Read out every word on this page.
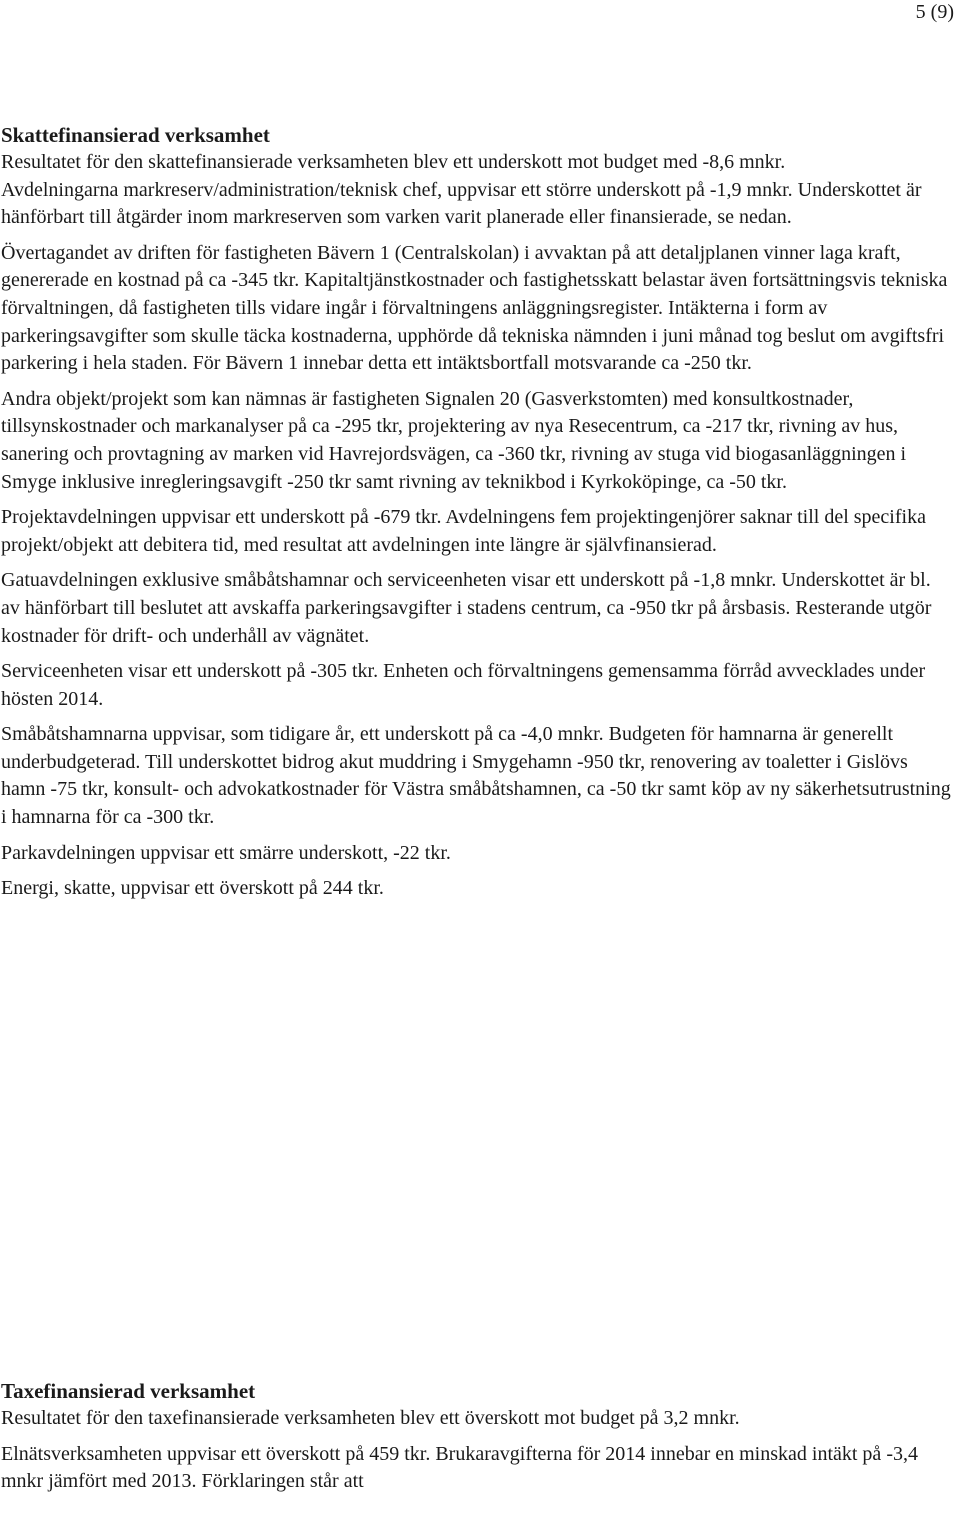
5 (9)
Skattefinansierad verksamhet

Resultatet för den skattefinansierade verksamheten blev ett underskott mot budget med -8,6 mnkr.

Avdelningarna markreserv/administration/teknisk chef, uppvisar ett större underskott på -1,9 mnkr. Underskottet är hänförbart till åtgärder inom markreserven som varken varit planerade eller finansierade, se nedan.

Övertagandet av driften för fastigheten Bävern 1 (Centralskolan) i avvaktan på att detaljplanen vinner laga kraft, genererade en kostnad på ca -345 tkr. Kapitaltjänstkostnader och fastighetsskatt belastar även fortsättningsvis tekniska förvaltningen, då fastigheten tills vidare ingår i förvaltningens anläggningsregister. Intäkterna i form av parkeringsavgifter som skulle täcka kostnaderna, upphörde då tekniska nämnden i juni månad tog beslut om avgiftsfri parkering i hela staden. För Bävern 1 innebar detta ett intäktsbortfall motsvarande ca -250 tkr.

Andra objekt/projekt som kan nämnas är fastigheten Signalen 20 (Gasverkstomten) med konsultkostnader, tillsynskostnader och markanalyser på ca -295 tkr, projektering av nya Resecentrum, ca -217 tkr, rivning av hus, sanering och provtagning av marken vid Havrejordsvägen, ca -360 tkr, rivning av stuga vid biogasanläggningen i Smyge inklusive inregleringsavgift -250 tkr samt rivning av teknikbod i Kyrkoköpinge, ca -50 tkr.

Projektavdelningen uppvisar ett underskott på -679 tkr. Avdelningens fem projektingenjörer saknar till del specifika projekt/objekt att debitera tid, med resultat att avdelningen inte längre är självfinansierad.

Gatuavdelningen exklusive småbåtshamnar och serviceenheten visar ett underskott på -1,8 mnkr. Underskottet är bl. av hänförbart till beslutet att avskaffa parkeringsavgifter i stadens centrum, ca -950 tkr på årsbasis. Resterande utgör kostnader för drift- och underhåll av vägnätet.

Serviceenheten visar ett underskott på -305 tkr. Enheten och förvaltningens gemensamma förråd avvecklades under hösten 2014.

Småbåtshamnarna uppvisar, som tidigare år, ett underskott på ca -4,0 mnkr. Budgeten för hamnarna är generellt underbudgeterad. Till underskottet bidrog akut muddring i Smygehamn -950 tkr, renovering av toaletter i Gislövs hamn -75 tkr, konsult- och advokatkostnader för Västra småbåtshamnen, ca -50 tkr samt köp av ny säkerhetsutrustning i hamnarna för ca -300 tkr.

Parkavdelningen uppvisar ett smärre underskott, -22 tkr.

Energi, skatte, uppvisar ett överskott på 244 tkr.

Taxefinansierad verksamhet

Resultatet för den taxefinansierade verksamheten blev ett överskott mot budget på 3,2 mnkr.

Elnätsverksamheten uppvisar ett överskott på 459 tkr. Brukaravgifterna för 2014 innebar en minskad intäkt på -3,4 mnkr jämfört med 2013. Förklaringen står att
